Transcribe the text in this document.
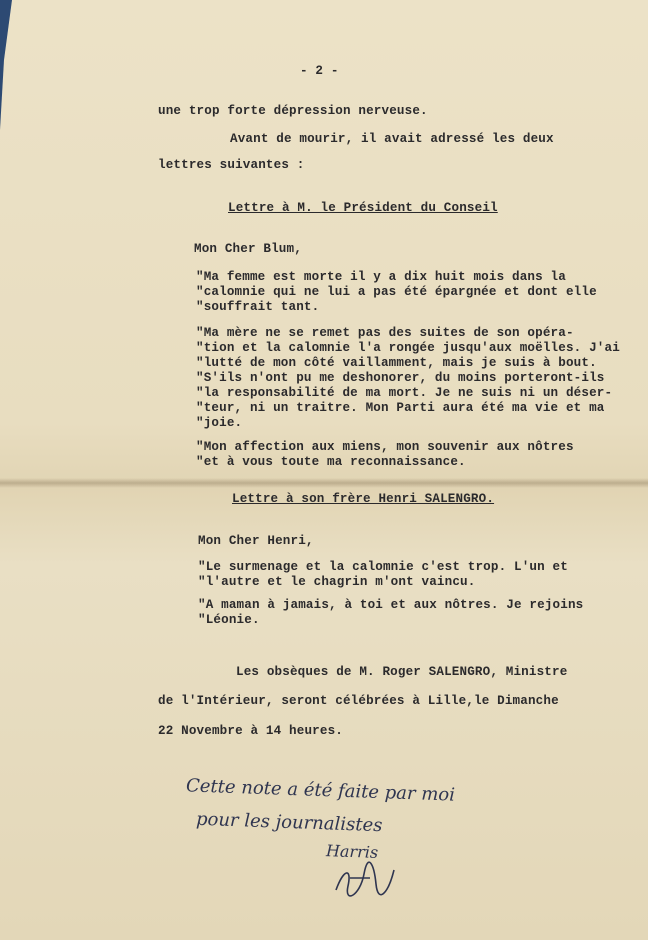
- 2 -
une trop forte dépression nerveuse.
Avant de mourir, il avait adressé les deux
lettres suivantes :
Lettre à M. le Président du Conseil
Mon Cher Blum,
"Ma femme est morte il y a dix huit mois dans la
"calomnie qui ne lui a pas été épargnée et dont elle
"souffrait tant.
"Ma mère ne se remet pas des suites de son opéra-
"tion et la calomnie l'a rongée jusqu'aux moëlles. J'ai
"lutté de mon côté vaillamment, mais je suis à bout.
"S'ils n'ont pu me deshonorer, du moins porteront-ils
"la responsabilité de ma mort. Je ne suis ni un déser-
"teur, ni un traitre. Mon Parti aura été ma vie et ma
"joie.
"Mon affection aux miens, mon souvenir aux nôtres
"et à vous toute ma reconnaissance.
Lettre à son frère Henri SALENGRO.
Mon Cher Henri,
"Le surmenage et la calomnie c'est trop. L'un et
"l'autre et le chagrin m'ont vaincu.
"A maman à jamais, à toi et aux nôtres. Je rejoins
"Léonie.
Les obsèques de M. Roger SALENGRO, Ministre
de l'Intérieur, seront célébrées à Lille,le Dimanche
22 Novembre à 14 heures.
Cette note a été faite par moi
pour les journalistes
Harris
